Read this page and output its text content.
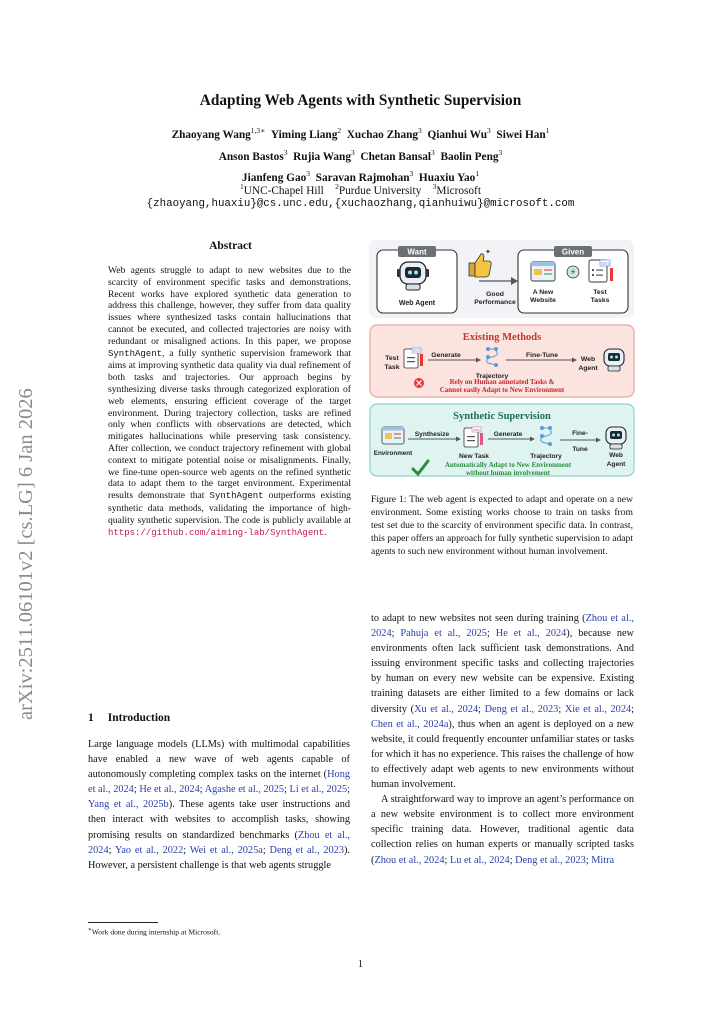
arXiv:2511.06101v2 [cs.LG] 6 Jan 2026
Adapting Web Agents with Synthetic Supervision
Zhaoyang Wang$^{1,3∗}$  Yiming Liang$^2$  Xuchao Zhang$^3$  Qianhui Wu$^3$  Siwei Han$^1$
Anson Bastos$^3$  Rujia Wang$^3$  Chetan Bansal$^3$  Baolin Peng$^3$
Jianfeng Gao$^3$  Saravan Rajmohan$^3$  Huaxiu Yao$^1$
$^1$UNC-Chapel Hill  $^2$Purdue University  $^3$Microsoft
{zhaoyang,huaxiu}@cs.unc.edu,{xuchaozhang,qianhuiwu}@microsoft.com
Abstract
Web agents struggle to adapt to new websites due to the scarcity of environment specific tasks and demonstrations. Recent works have explored synthetic data generation to address this challenge, however, they suffer from data quality issues where synthesized tasks contain hallucinations that cannot be executed, and collected trajectories are noisy with redundant or misaligned actions. In this paper, we propose SynthAgent, a fully synthetic supervision framework that aims at improving synthetic data quality via dual refinement of both tasks and trajectories. Our approach begins by synthesizing diverse tasks through categorized exploration of web elements, ensuring efficient coverage of the target environment. During trajectory collection, tasks are refined only when conflicts with observations are detected, which mitigates hallucinations while preserving task consistency. After collection, we conduct trajectory refinement with global context to mitigate potential noise or misalignments. Finally, we fine-tune open-source web agents on the refined synthetic data to adapt them to the target environment. Experimental results demonstrate that SynthAgent outperforms existing synthetic data methods, validating the importance of high-quality synthetic supervision. The code is publicly available at https://github.com/aiming-lab/SynthAgent.
1 Introduction
Large language models (LLMs) with multimodal capabilities have enabled a new wave of web agents capable of autonomously completing complex tasks on the internet (Hong et al., 2024; He et al., 2024; Agashe et al., 2025; Li et al., 2025; Yang et al., 2025b). These agents take user instructions and then interact with websites to accomplish tasks, showing promising results on standardized benchmarks (Zhou et al., 2024; Yao et al., 2022; Wei et al., 2025a; Deng et al., 2023). However, a persistent challenge is that web agents struggle
Want
Web Agent
✦
Good
Performance
Given
+
TEST
A New
Website
Test
Tasks
Existing Methods
Test
Task
TEST
Generate
Trajectory
Fine-Tune
Web
Agent
Rely on Human annotated Tasks &
Cannot easily Adapt to New Environment
Synthetic Supervision
Environment
Synthesize
New
New Task
Generate
Trajectory
Fine-
Tune
Web
Agent
Automatically Adapt to New Environment
without human involvement
Figure 1: The web agent is expected to adapt and operate on a new environment. Some existing works choose to train on tasks from test set due to the scarcity of environment specific data. In contrast, this paper offers an approach for fully synthetic supervision to adapt agents to such new environment without human involvement.

to adapt to new websites not seen during training (Zhou et al., 2024; Pahuja et al., 2025; He et al., 2024), because new environments often lack sufficient task demonstrations. And issuing environment specific tasks and collecting trajectories by human on every new website can be expensive. Existing training datasets are either limited to a few domains or lack diversity (Xu et al., 2024; Deng et al., 2023; Xie et al., 2024; Chen et al., 2024a), thus when an agent is deployed on a new website, it could frequently encounter unfamiliar states or tasks for which it has no experience. This raises the challenge of how to effectively adapt web agents to new environments without human involvement.

A straightforward way to improve an agent’s performance on a new website environment is to collect more environment specific training data. However, traditional agentic data collection relies on human experts or manually scripted tasks (Zhou et al., 2024; Lu et al., 2024; Deng et al., 2023; Mitra

∗Work done during internship at Microsoft.
1
